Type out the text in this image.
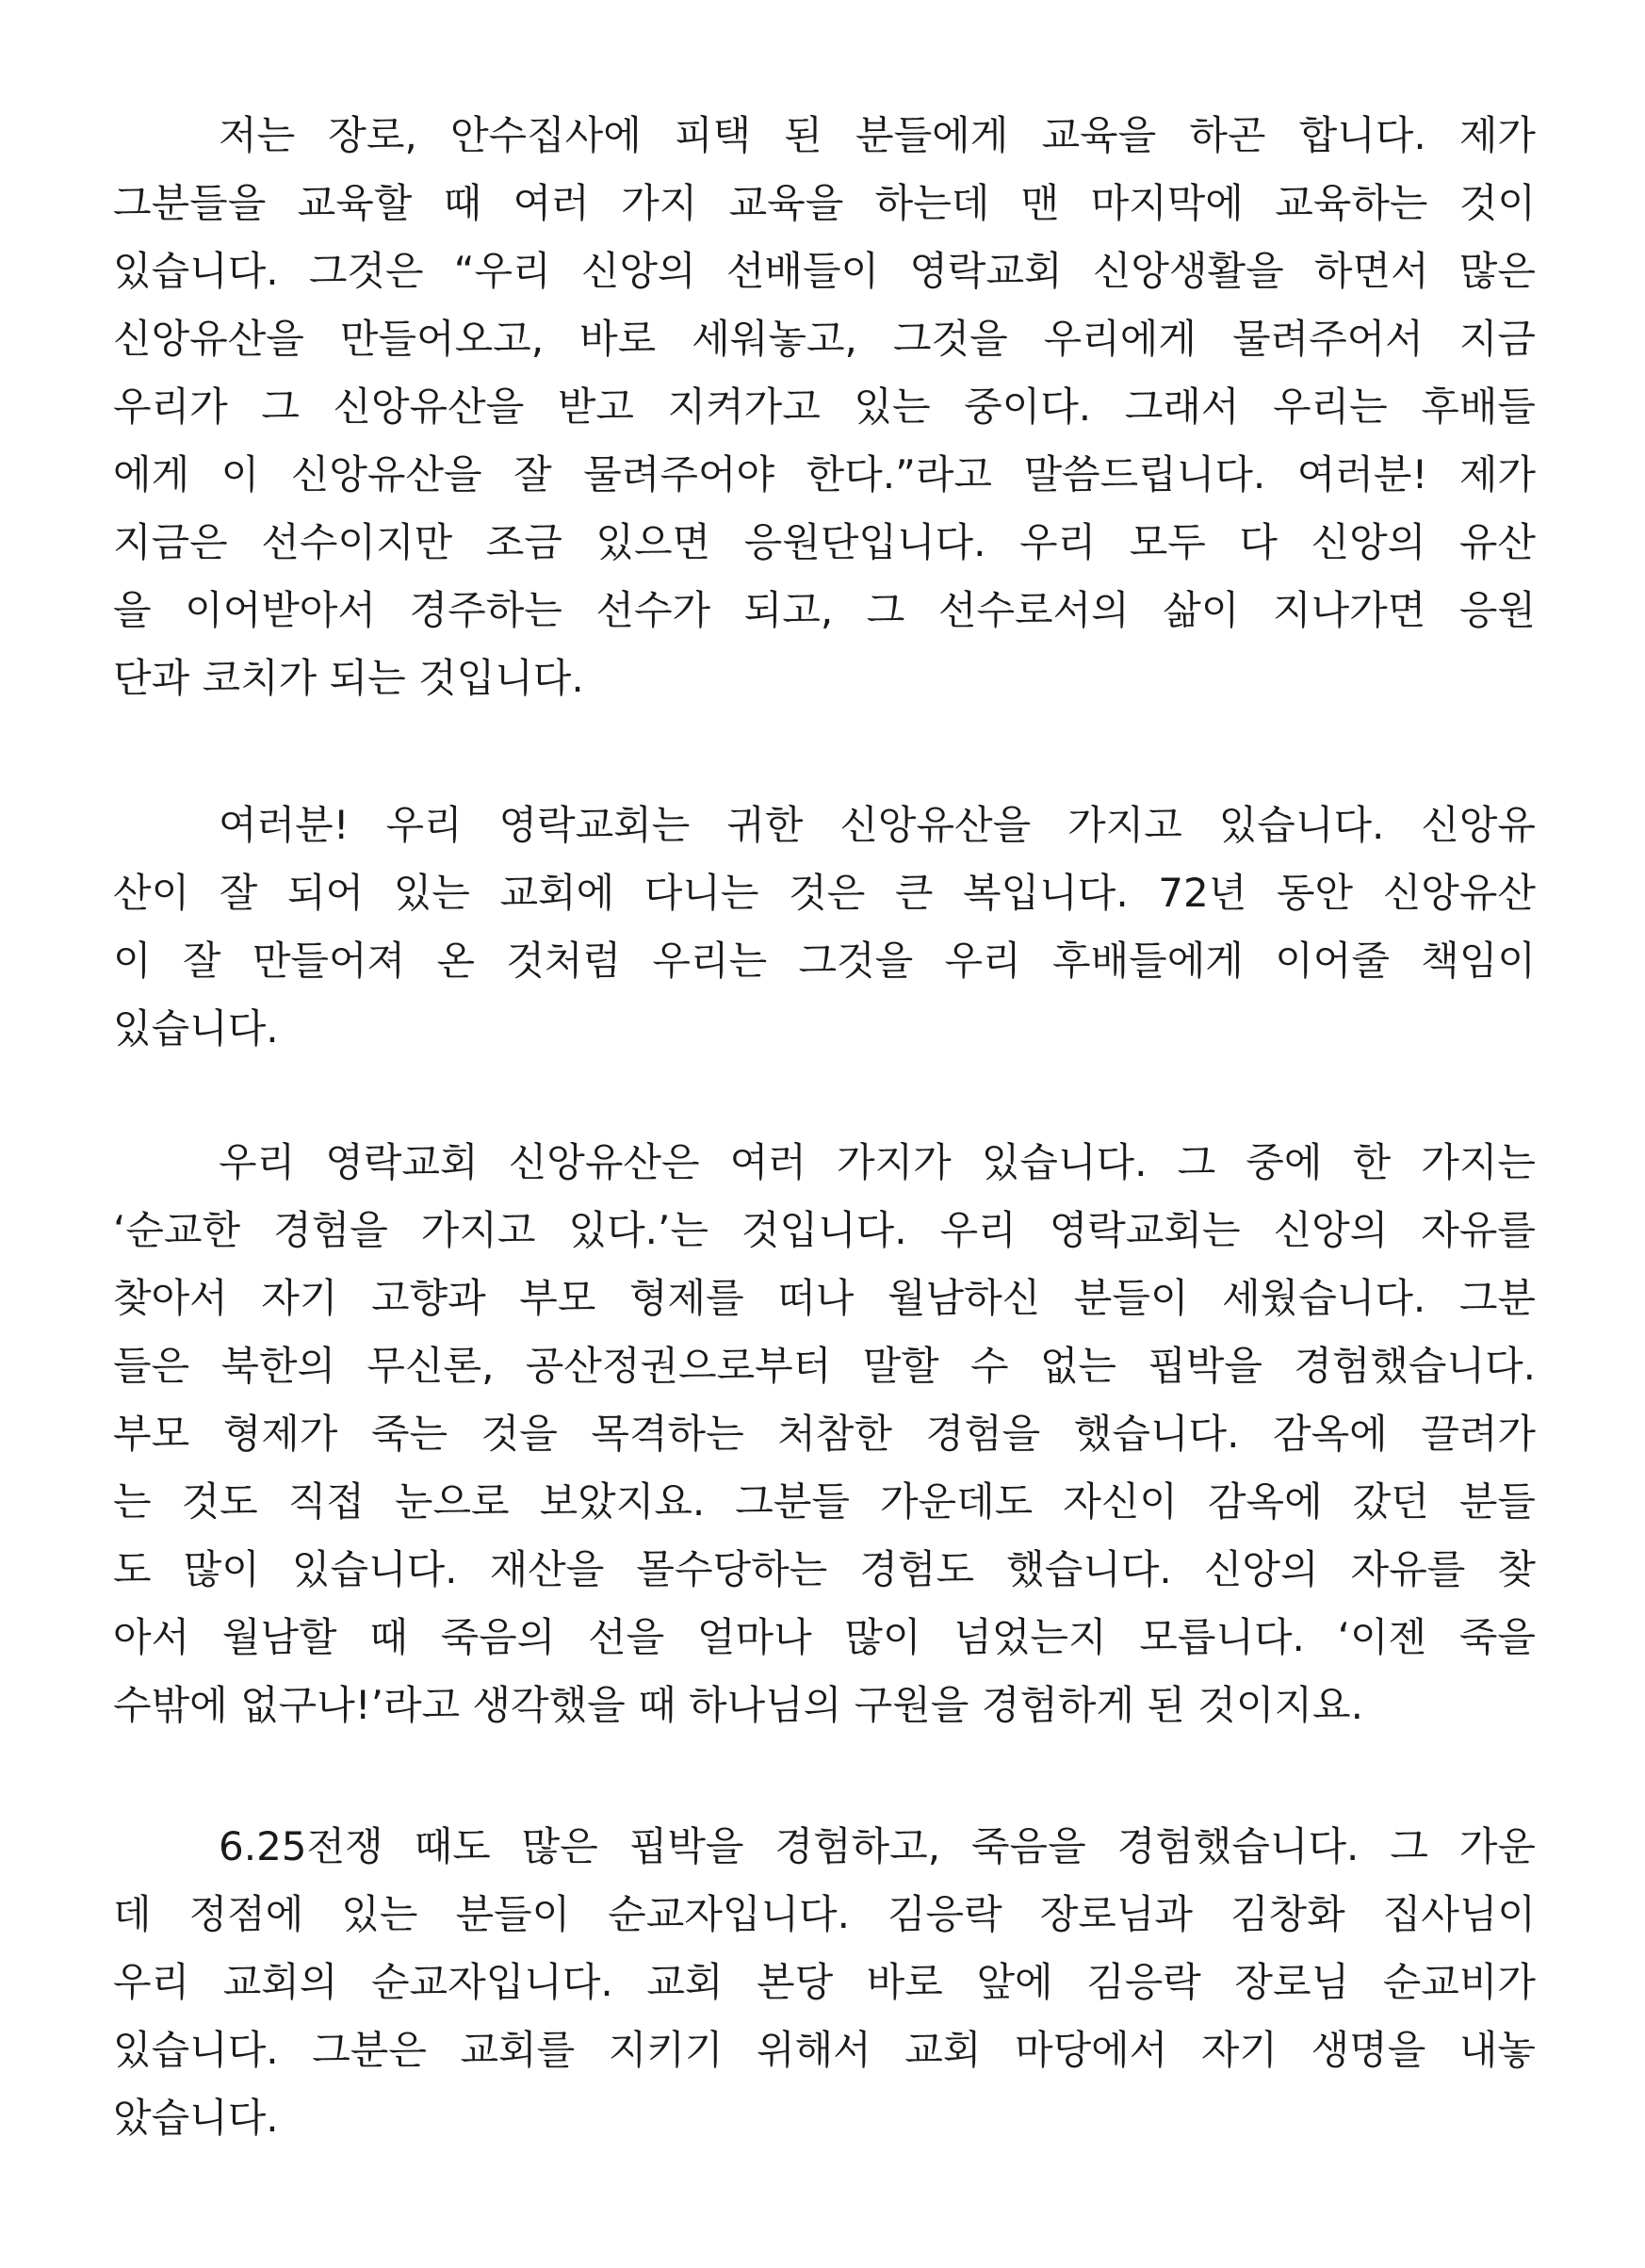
저는 장로, 안수집사에 피택 된 분들에게 교육을 하곤 합니다. 제가
그분들을 교육할 때 여러 가지 교육을 하는데 맨 마지막에 교육하는 것이
있습니다. 그것은 “우리 신앙의 선배들이 영락교회 신앙생활을 하면서 많은
신앙유산을 만들어오고, 바로 세워놓고, 그것을 우리에게 물려주어서 지금
우리가 그 신앙유산을 받고 지켜가고 있는 중이다. 그래서 우리는 후배들
에게 이 신앙유산을 잘 물려주어야 한다.”라고 말씀드립니다. 여러분! 제가
지금은 선수이지만 조금 있으면 응원단입니다. 우리 모두 다 신앙의 유산
을 이어받아서 경주하는 선수가 되고, 그 선수로서의 삶이 지나가면 응원
단과 코치가 되는 것입니다.
여러분! 우리 영락교회는 귀한 신앙유산을 가지고 있습니다. 신앙유
산이 잘 되어 있는 교회에 다니는 것은 큰 복입니다. 72년 동안 신앙유산
이 잘 만들어져 온 것처럼 우리는 그것을 우리 후배들에게 이어줄 책임이
있습니다.
우리 영락교회 신앙유산은 여러 가지가 있습니다. 그 중에 한 가지는
‘순교한 경험을 가지고 있다.’는 것입니다. 우리 영락교회는 신앙의 자유를
찾아서 자기 고향과 부모 형제를 떠나 월남하신 분들이 세웠습니다. 그분
들은 북한의 무신론, 공산정권으로부터 말할 수 없는 핍박을 경험했습니다.
부모 형제가 죽는 것을 목격하는 처참한 경험을 했습니다. 감옥에 끌려가
는 것도 직접 눈으로 보았지요. 그분들 가운데도 자신이 감옥에 갔던 분들
도 많이 있습니다. 재산을 몰수당하는 경험도 했습니다. 신앙의 자유를 찾
아서 월남할 때 죽음의 선을 얼마나 많이 넘었는지 모릅니다. ‘이젠 죽을
수밖에 없구나!’라고 생각했을 때 하나님의 구원을 경험하게 된 것이지요.
6.25전쟁 때도 많은 핍박을 경험하고, 죽음을 경험했습니다. 그 가운
데 정점에 있는 분들이 순교자입니다. 김응락 장로님과 김창화 집사님이
우리 교회의 순교자입니다. 교회 본당 바로 앞에 김응락 장로님 순교비가
있습니다. 그분은 교회를 지키기 위해서 교회 마당에서 자기 생명을 내놓
았습니다.
